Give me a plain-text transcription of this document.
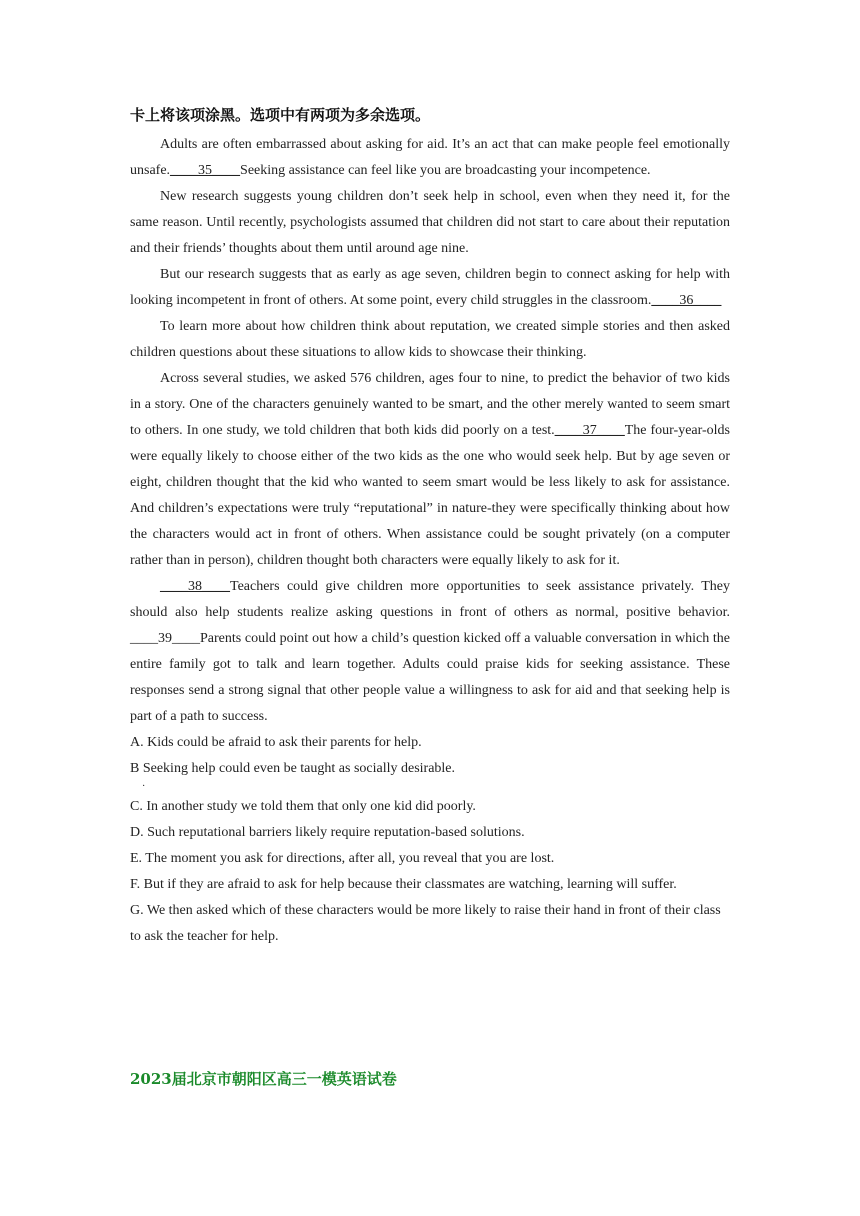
卡上将该项涂黑。选项中有两项为多余选项。

Adults are often embarrassed about asking for aid. It’s an act that can make people feel emotionally unsafe.____35____Seeking assistance can feel like you are broadcasting your incompetence.

New research suggests young children don’t seek help in school, even when they need it, for the same reason. Until recently, psychologists assumed that children did not start to care about their reputation and their friends’ thoughts about them until around age nine.

But our research suggests that as early as age seven, children begin to connect asking for help with looking incompetent in front of others. At some point, every child struggles in the classroom.____36____

To learn more about how children think about reputation, we created simple stories and then asked children questions about these situations to allow kids to showcase their thinking.

Across several studies, we asked 576 children, ages four to nine, to predict the behavior of two kids in a story. One of the characters genuinely wanted to be smart, and the other merely wanted to seem smart to others. In one study, we told children that both kids did poorly on a test.____37____The four-year-olds were equally likely to choose either of the two kids as the one who would seek help. But by age seven or eight, children thought that the kid who wanted to seem smart would be less likely to ask for assistance. And children’s expectations were truly “reputational” in nature-they were specifically thinking about how the characters would act in front of others. When assistance could be sought privately (on a computer rather than in person), children thought both characters were equally likely to ask for it.

____38____Teachers could give children more opportunities to seek assistance privately. They should also help students realize asking questions in front of others as normal, positive behavior. ____39____Parents could point out how a child’s question kicked off a valuable conversation in which the entire family got to talk and learn together. Adults could praise kids for seeking assistance. These responses send a strong signal that other people value a willingness to ask for aid and that seeking help is part of a path to success.

A. Kids could be afraid to ask their parents for help.

B Seeking help could even be taught as socially desirable.

·

C. In another study we told them that only one kid did poorly.

D. Such reputational barriers likely require reputation-based solutions.

E. The moment you ask for directions, after all, you reveal that you are lost.

F. But if they are afraid to ask for help because their classmates are watching, learning will suffer.

G. We then asked which of these characters would be more likely to raise their hand in front of their class to ask the teacher for help.

2023届北京市朝阳区高三一模英语试卷
